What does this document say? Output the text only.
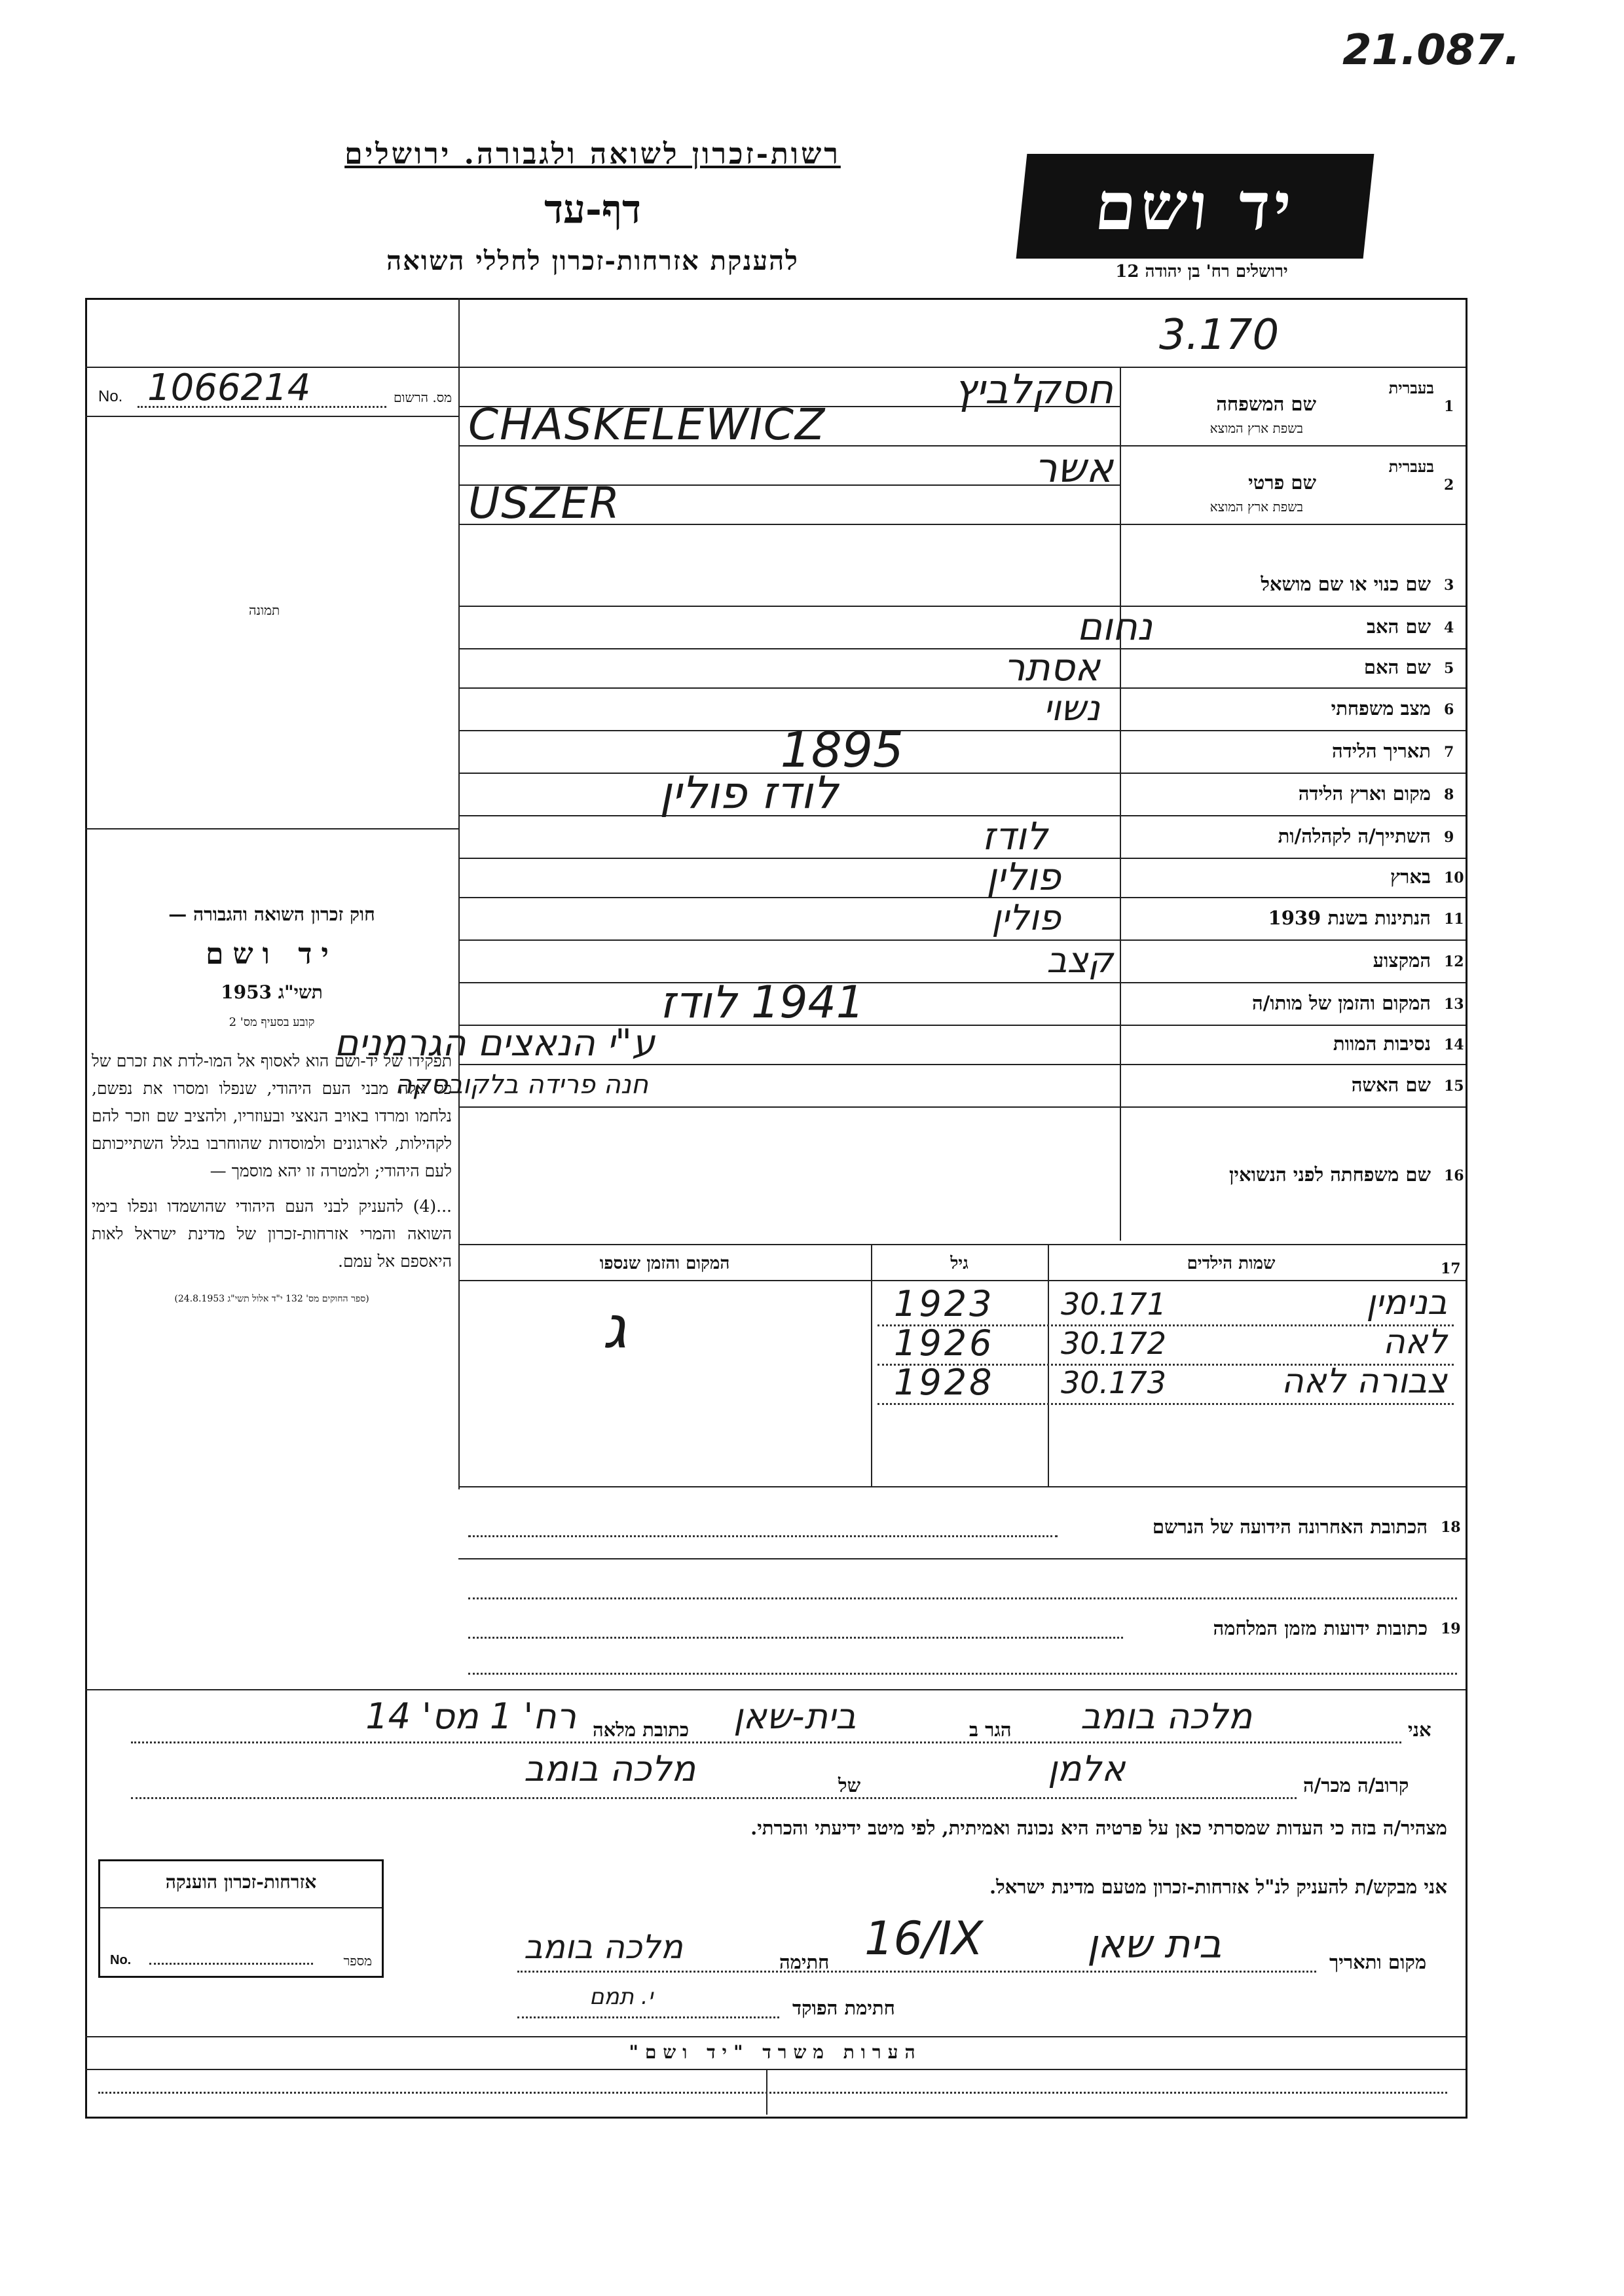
21.087.
רשות-זכרון לשואה ולגבורה. ירושלים
דף-עד
להענקת אזרחות-זכרון לחללי השואה
יד ושם
ירושלים רח' בן יהודה 12
3.170
No. 1066214	מס. הרשום
תמונה
חוק זכרון השואה והגבורה —
יד ושם
תשי"ג 1953
קובע בסעיף מס' 2
תפקידו של יד-ושם הוא לאסוף אל המו-לדת את זכרם של כל אלה מבני העם היהודי, שנפלו ומסרו את נפשם, נלחמו ומרדו באויב הנאצי ובעוזריו, ולהציב שם וזכר להם לקהילות, לארגונים ולמוסדות שהוחרבו בגלל השתייכותם לעם היהודי; ולמטרה זו יהא מוסמך —
...(4) להעניק לבני העם היהודי שהושמדו ונפלו בימי השואה והמרי אזרחות-זכרון של מדינת ישראל לאות היאספם אל עמם.
(ספר החוקים מס' 132 י"ד אלול תשי"ג 24.8.1953)
1
שם המשפחה
בעברית
בשפת ארץ המוצא
חסקלביץ
CHASKELEWICZ
2
שם פרטי
בעברית
בשפת ארץ המוצא
אשר
USZER
3
שם כנוי או שם מושאל
4
שם האב
נחום
5
שם האם
אסתר
6
מצב משפחתי
נשוי
7
תאריך הלידה
1895
8
מקום וארץ הלידה
לודז פולין
9
השתייך/ה לקהלה/ות
לודז
10
בארץ
פולין
11
הנתינות בשנת 1939
פולין
12
המקצוע
קצב
13
המקום והזמן של מותו/ה
1941 לודז
14
נסיבות המוות
ע"י הנאצים הגרמנים
15
שם האשה
חנה פרידה בלקובסקה
16
שם משפחתה לפני הנשואין
17
שמות הילדים
גיל
המקום והזמן שנספו
בנימין
30.171
1923
לאה
30.172
1926
צבורה לאה
30.173
1928
ג
18
הכתובת האחרונה הידועה של הנרשם
19
כתובות ידועות מזמן המלחמה
אני
מלכה בומב
הגר ב
בית-שאן
כתובת מלאה
רח' 1 מס' 14
קרוב/ה מכר/ה
אלמן
של
מלכה בומב
מצהיר/ה בזה כי העדות שמסרתי כאן על פרטיה היא נכונה ואמיתית, לפי מיטב ידיעתי והכרתי.
אני מבקש/ת להעניק לנ"ל אזרחות-זכרון מטעם מדינת ישראל.
מקום ותאריך
בית שאן
16/IX
חתימה
מלכה בומב
חתימת הפוקד
י. תמם
אזרחות-זכרון הוענקה
No.	מספר
הערות משרד "יד ושם"
